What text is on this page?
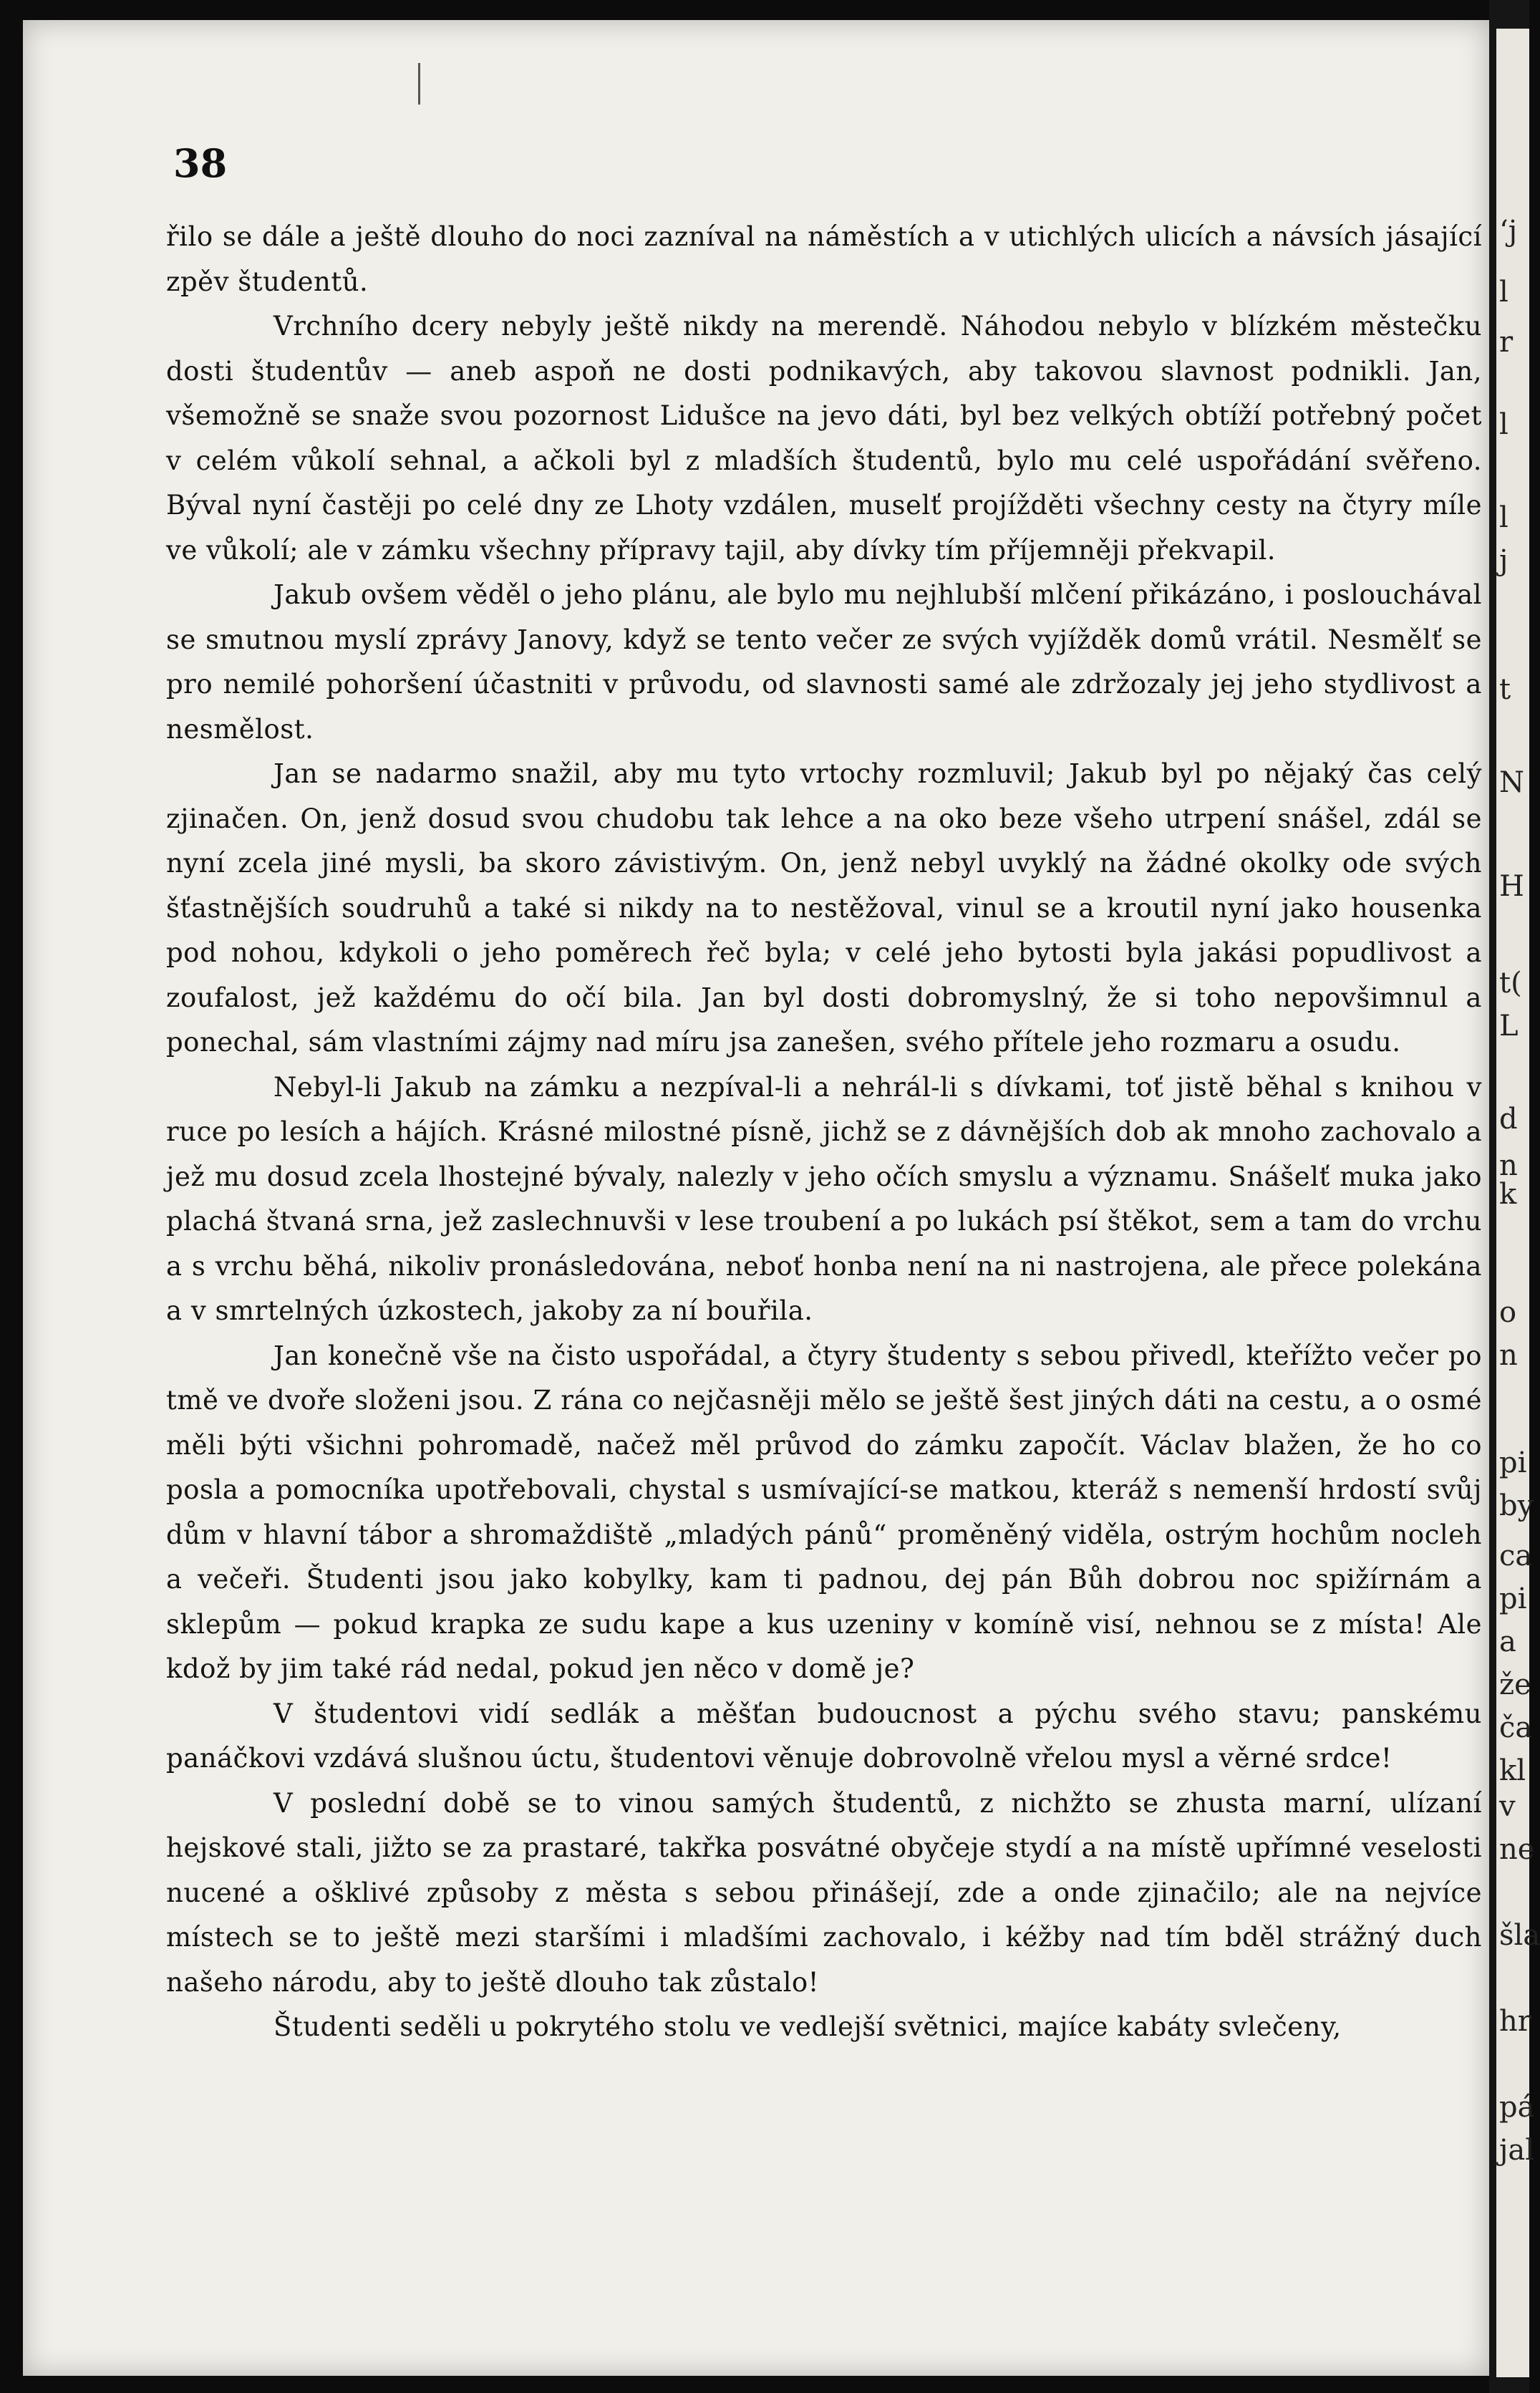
38

řilo se dále a ještě dlouho do noci zazníval na náměstích a v utichlých ulicích a návsích jásající zpěv študentů.

Vrchního dcery nebyly ještě nikdy na merendě. Náhodou nebylo v blízkém městečku dosti študentův — aneb aspoň ne dosti podnikavých, aby takovou slavnost podnikli. Jan, všemožně se snaže svou pozornost Lidušce na jevo dáti, byl bez velkých obtíží potřebný počet v celém vůkolí sehnal, a ačkoli byl z mladších študentů, bylo mu celé uspořádání svěřeno. Býval nyní častěji po celé dny ze Lhoty vzdálen, muselť projížděti všechny cesty na čtyry míle ve vůkolí; ale v zámku všechny přípravy tajil, aby dívky tím příjemněji překvapil.

Jakub ovšem věděl o jeho plánu, ale bylo mu nejhlubší mlčení přikázáno, i poslouchával se smutnou myslí zprávy Janovy, když se tento večer ze svých vyjížděk domů vrátil. Nesmělť se pro nemilé pohoršení účastniti v průvodu, od slavnosti samé ale zdržozaly jej jeho stydlivost a nesmělost.

Jan se nadarmo snažil, aby mu tyto vrtochy rozmluvil; Jakub byl po nějaký čas celý zjinačen. On, jenž dosud svou chudobu tak lehce a na oko beze všeho utrpení snášel, zdál se nyní zcela jiné mysli, ba skoro závistivým. On, jenž nebyl uvyklý na žádné okolky ode svých šťastnějších soudruhů a také si nikdy na to nestěžoval, vinul se a kroutil nyní jako housenka pod nohou, kdykoli o jeho poměrech řeč byla; v celé jeho bytosti byla jakási popudlivost a zoufalost, jež každému do očí bila. Jan byl dosti dobromyslný, že si toho nepovšimnul a ponechal, sám vlastními zájmy nad míru jsa zanešen, svého přítele jeho rozmaru a osudu.

Nebyl-li Jakub na zámku a nezpíval-li a nehrál-li s dívkami, toť jistě běhal s knihou v ruce po lesích a hájích. Krásné milostné písně, jichž se z dávnějších dob ak mnoho zachovalo a jež mu dosud zcela lhostejné bývaly, nalezly v jeho očích smyslu a významu. Snášelť muka jako plachá štvaná srna, jež zaslechnuvši v lese troubení a po lukách psí štěkot, sem a tam do vrchu a s vrchu běhá, nikoliv pronásledována, neboť honba není na ni nastrojena, ale přece polekána a v smrtelných úzkostech, jakoby za ní bouřila.

Jan konečně vše na čisto uspořádal, a čtyry študenty s sebou přivedl, kteřížto večer po tmě ve dvoře složeni jsou. Z rána co nejčasněji mělo se ještě šest jiných dáti na cestu, a o osmé měli býti všichni pohromadě, načež měl průvod do zámku započít. Václav blažen, že ho co posla a pomocníka upotřebovali, chystal s usmívající-se matkou, kteráž s nemenší hrdostí svůj dům v hlavní tábor a shromaždiště „mladých pánů“ proměněný viděla, ostrým hochům nocleh a večeři. Študenti jsou jako kobylky, kam ti padnou, dej pán Bůh dobrou noc spižírnám a sklepům — pokud krapka ze sudu kape a kus uzeniny v komíně visí, nehnou se z místa! Ale kdož by jim také rád nedal, pokud jen něco v domě je?

V študentovi vidí sedlák a měšťan budoucnost a pýchu svého stavu; panskému panáčkovi vzdává slušnou úctu, študentovi věnuje dobrovolně vřelou mysl a věrné srdce!

V poslední době se to vinou samých študentů, z nichžto se zhusta marní, ulízaní hejskové stali, jižto se za prastaré, takřka posvátné obyčeje stydí a na místě upřímné veselosti nucené a ošklivé způsoby z města s sebou přinášejí, zde a onde zjinačilo; ale na nejvíce místech se to ještě mezi staršími i mladšími zachovalo, i kéžby nad tím bděl strážný duch našeho národu, aby to ještě dlouho tak zůstalo!

Študenti seděli u pokrytého stolu ve vedlejší světnici, majíce kabáty svlečeny,

‘j
l
r
l
l
j
t
N
H
t(
L
d
n
k
o
n
pi
by
ca
pi
a
že
ča
kl
v
ne
šla
hr
pá
jal
